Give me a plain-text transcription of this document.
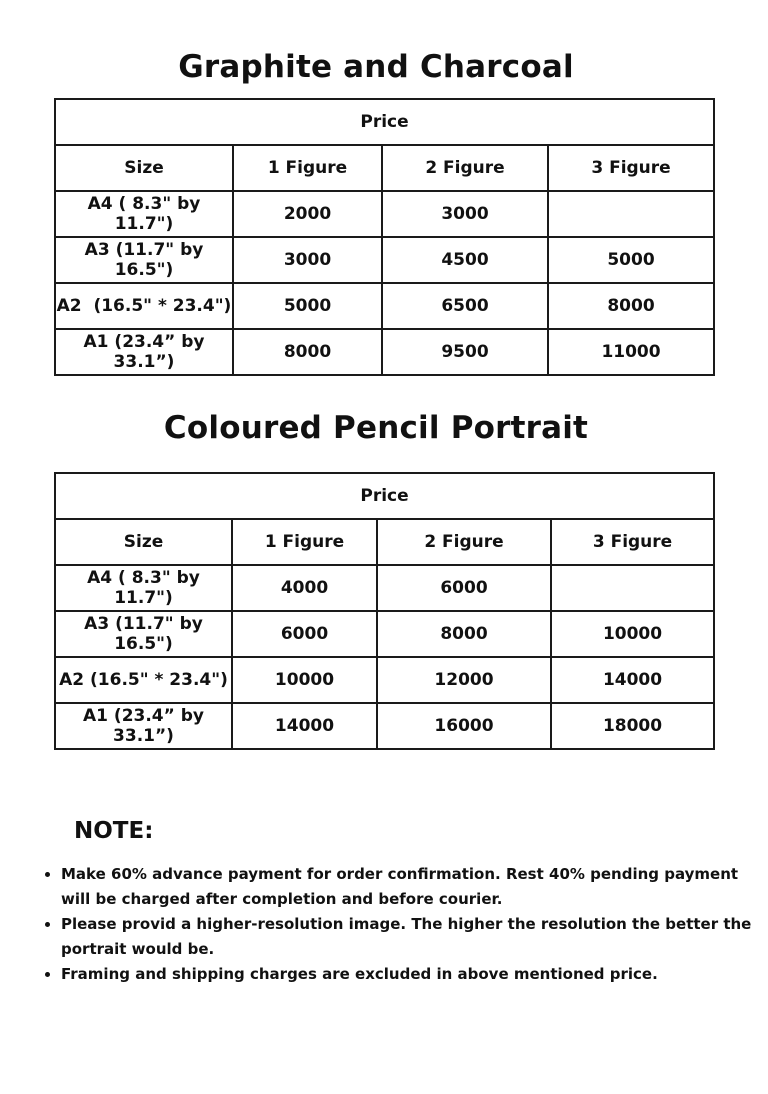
Graphite and Charcoal
Price			
Size	1 Figure	2 Figure	3 Figure
A4 ( 8.3" by 11.7")	2000	3000	
A3 (11.7" by 16.5")	3000	4500	5000
A2  (16.5" * 23.4")	5000	6500	8000
A1 (23.4” by 33.1”)	8000	9500	11000
Coloured Pencil Portrait
Price			
Size	1 Figure	2 Figure	3 Figure
A4 ( 8.3" by 11.7")	4000	6000	
A3 (11.7" by 16.5")	6000	8000	10000
A2 (16.5" * 23.4")	10000	12000	14000
A1 (23.4” by 33.1”)	14000	16000	18000
NOTE:
• Make 60% advance payment for order confirmation. Rest 40% pending payment will be charged after completion and before courier.
• Please provid a higher-resolution image. The higher the resolution the better the portrait would be.
• Framing and shipping charges are excluded in above mentioned price.
